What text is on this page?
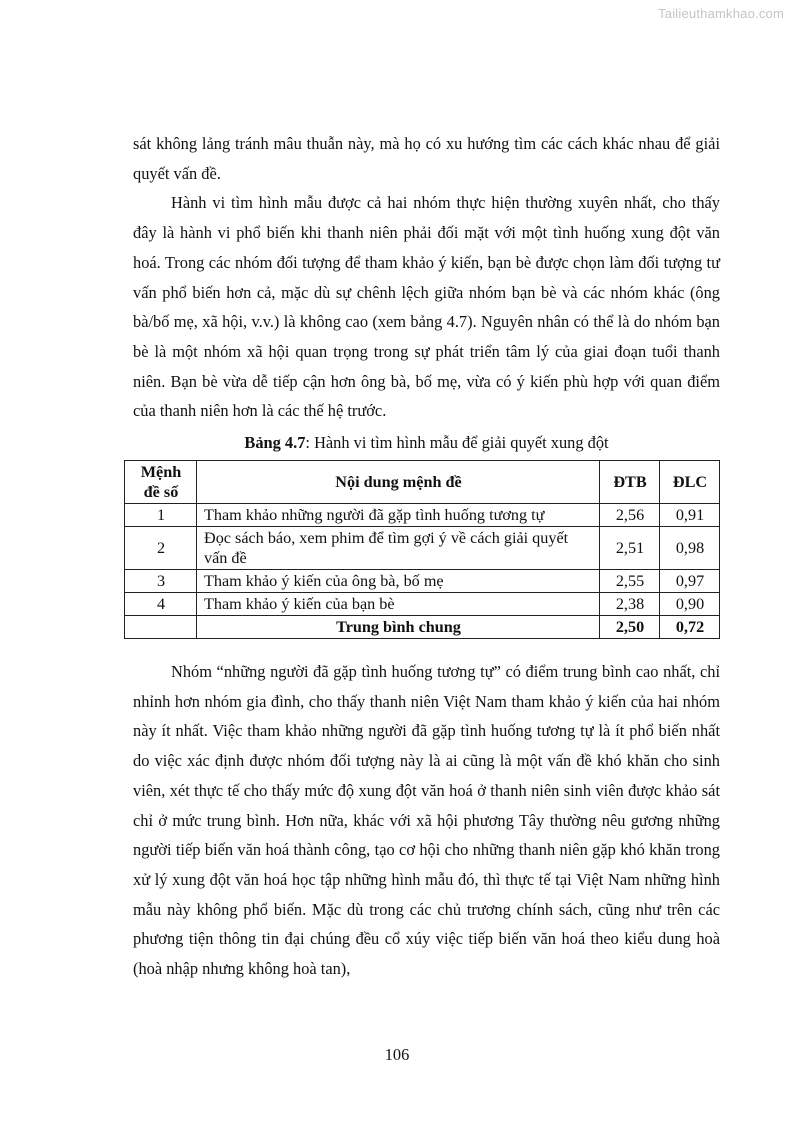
Tailieuthamkhao.com

sát không lảng tránh mâu thuẫn này, mà họ có xu hướng tìm các cách khác nhau để giải quyết vấn đề.

Hành vi tìm hình mẫu được cả hai nhóm thực hiện thường xuyên nhất, cho thấy đây là hành vi phổ biến khi thanh niên phải đối mặt với một tình huống xung đột văn hoá. Trong các nhóm đối tượng để tham khảo ý kiến, bạn bè được chọn làm đối tượng tư vấn phổ biến hơn cả, mặc dù sự chênh lệch giữa nhóm bạn bè và các nhóm khác (ông bà/bố mẹ, xã hội, v.v.) là không cao (xem bảng 4.7). Nguyên nhân có thể là do nhóm bạn bè là một nhóm xã hội quan trọng trong sự phát triển tâm lý của giai đoạn tuổi thanh niên. Bạn bè vừa dễ tiếp cận hơn ông bà, bố mẹ, vừa có ý kiến phù hợp với quan điểm của thanh niên hơn là các thế hệ trước.

Bảng 4.7: Hành vi tìm hình mẫu để giải quyết xung đột
Mệnh đề số	Nội dung mệnh đề	ĐTB	ĐLC
1	Tham khảo những người đã gặp tình huống tương tự	2,56	0,91
2	Đọc sách báo, xem phim để tìm gợi ý về cách giải quyết vấn đề	2,51	0,98
3	Tham khảo ý kiến của ông bà, bố mẹ	2,55	0,97
4	Tham khảo ý kiến của bạn bè	2,38	0,90
	Trung bình chung	2,50	0,72

Nhóm “những người đã gặp tình huống tương tự” có điểm trung bình cao nhất, chỉ nhỉnh hơn nhóm gia đình, cho thấy thanh niên Việt Nam tham khảo ý kiến của hai nhóm này ít nhất. Việc tham khảo những người đã gặp tình huống tương tự là ít phổ biến nhất do việc xác định được nhóm đối tượng này là ai cũng là một vấn đề khó khăn cho sinh viên, xét thực tế cho thấy mức độ xung đột văn hoá ở thanh niên sinh viên được khảo sát chỉ ở mức trung bình. Hơn nữa, khác với xã hội phương Tây thường nêu gương những người tiếp biến văn hoá thành công, tạo cơ hội cho những thanh niên gặp khó khăn trong xử lý xung đột văn hoá học tập những hình mẫu đó, thì thực tế tại Việt Nam những hình mẫu này không phổ biến. Mặc dù trong các chủ trương chính sách, cũng như trên các phương tiện thông tin đại chúng đều cổ xúy việc tiếp biến văn hoá theo kiểu dung hoà (hoà nhập nhưng không hoà tan),

106
